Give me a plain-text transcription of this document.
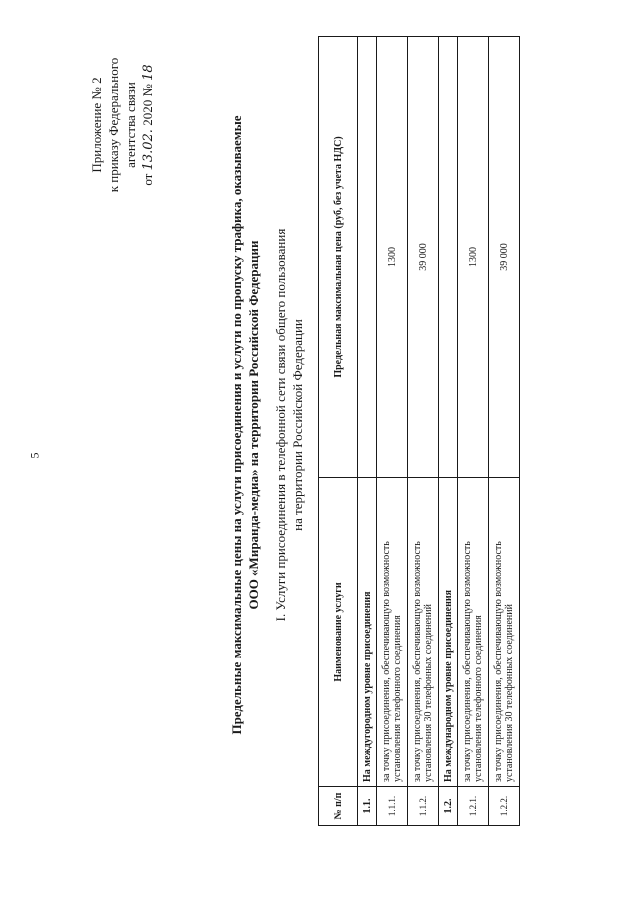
5
Приложение № 2 к приказу Федерального агентства связи
от 13.02. 2020 № 18
Предельные максимальные цены на услуги присоединения и услуги по пропуску трафика, оказываемые ООО «Миранда-медиа» на территории Российской Федерации I. Услуги присоединения в телефонной сети связи общего пользования на территории Российской Федерации
№ п/п	Наименование услуги	Предельная максимальная цена (руб, без учета НДС)
1.1.	На междугородном уровне присоединения	
1.1.1.	за точку присоединения, обеспечивающую возможность установления телефонного соединения	1300
1.1.2.	за точку присоединения, обеспечивающую возможность установления 30 телефонных соединений	39 000
1.2.	На международном уровне присоединения	
1.2.1.	за точку присоединения, обеспечивающую возможность установления телефонного соединения	1300
1.2.2.	за точку присоединения, обеспечивающую возможность установления 30 телефонных соединений	39 000
